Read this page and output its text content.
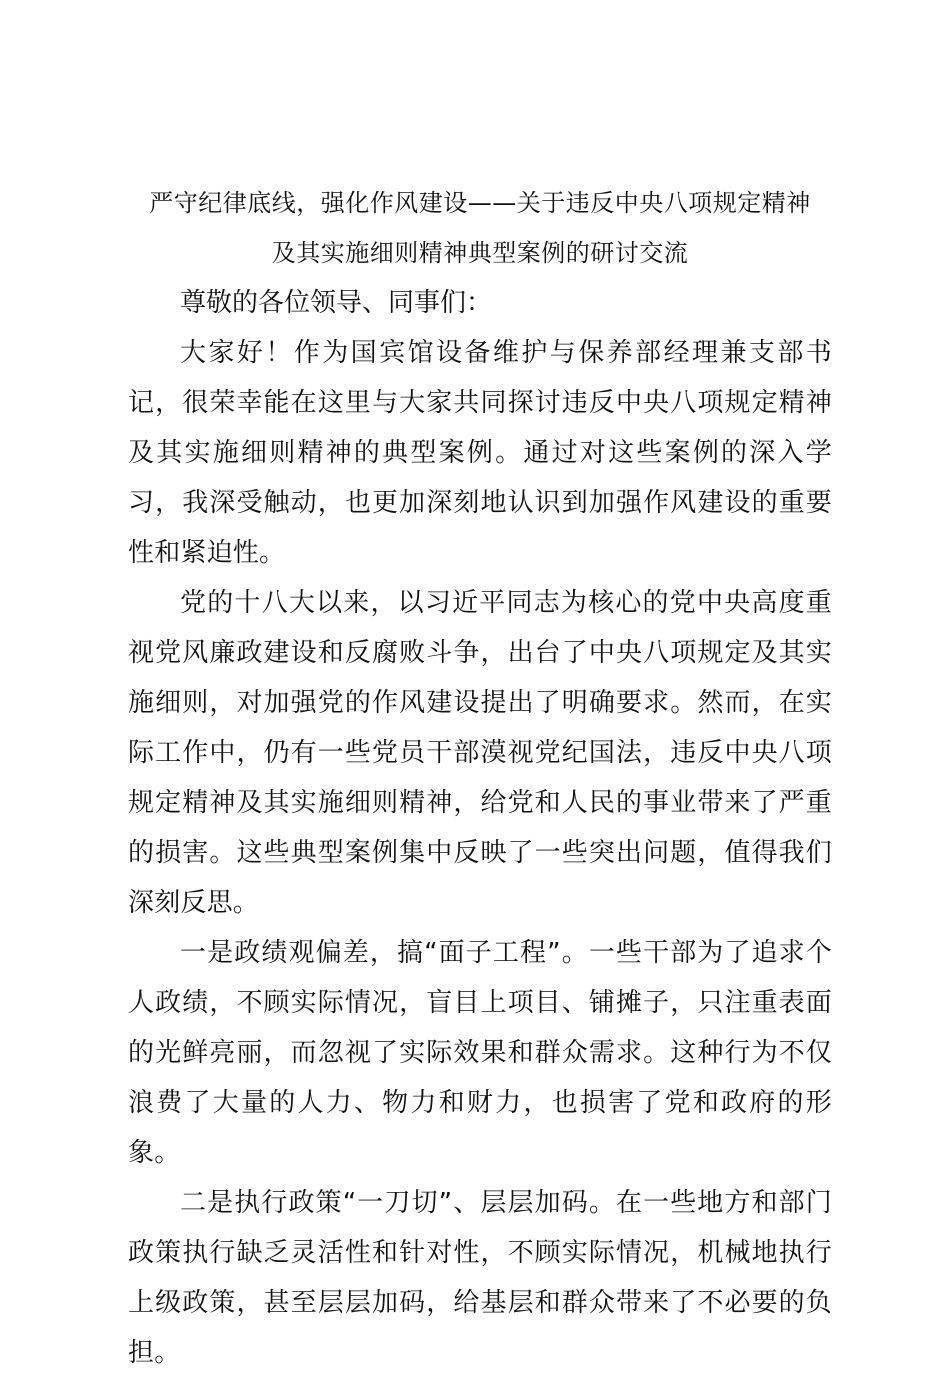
严守纪律底线，强化作风建设——关于违反中央八项规定精神
及其实施细则精神典型案例的研讨交流

尊敬的各位领导、同事们：

大家好！作为国宾馆设备维护与保养部经理兼支部书记，很荣幸能在这里与大家共同探讨违反中央八项规定精神及其实施细则精神的典型案例。通过对这些案例的深入学习，我深受触动，也更加深刻地认识到加强作风建设的重要性和紧迫性。

党的十八大以来，以习近平同志为核心的党中央高度重视党风廉政建设和反腐败斗争，出台了中央八项规定及其实施细则，对加强党的作风建设提出了明确要求。然而，在实际工作中，仍有一些党员干部漠视党纪国法，违反中央八项规定精神及其实施细则精神，给党和人民的事业带来了严重的损害。这些典型案例集中反映了一些突出问题，值得我们深刻反思。

一是政绩观偏差，搞“面子工程”。一些干部为了追求个人政绩，不顾实际情况，盲目上项目、铺摊子，只注重表面的光鲜亮丽，而忽视了实际效果和群众需求。这种行为不仅浪费了大量的人力、物力和财力，也损害了党和政府的形象。

二是执行政策“一刀切”、层层加码。在一些地方和部门政策执行缺乏灵活性和针对性，不顾实际情况，机械地执行上级政策，甚至层层加码，给基层和群众带来了不必要的负担。
